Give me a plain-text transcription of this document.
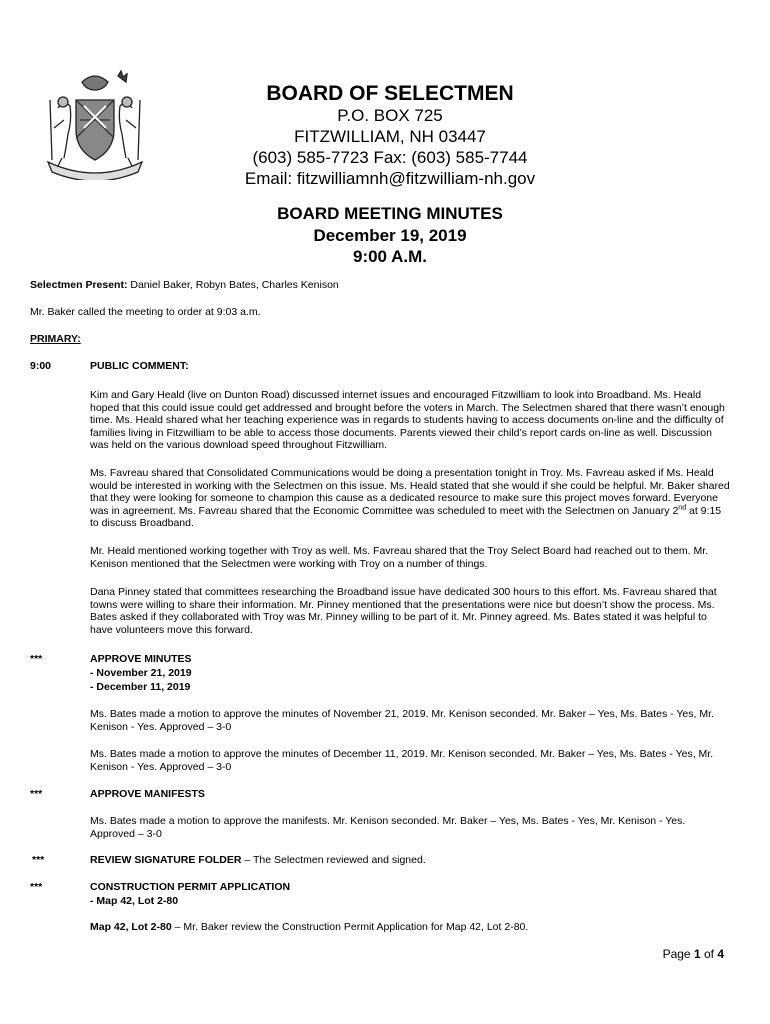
BOARD OF SELECTMEN
P.O. BOX 725
FITZWILLIAM, NH 03447
(603) 585-7723 Fax: (603) 585-7744
Email: fitzwilliamnh@fitzwilliam-nh.gov
BOARD MEETING MINUTES
December 19, 2019
9:00 A.M.
Selectmen Present: Daniel Baker, Robyn Bates, Charles Kenison
Mr. Baker called the meeting to order at 9:03 a.m.
PRIMARY:
9:00	PUBLIC COMMENT:
Kim and Gary Heald (live on Dunton Road) discussed internet issues and encouraged Fitzwilliam to look into Broadband. Ms. Heald hoped that this could issue could get addressed and brought before the voters in March. The Selectmen shared that there wasn’t enough time. Ms. Heald shared what her teaching experience was in regards to students having to access documents on-line and the difficulty of families living in Fitzwilliam to be able to access those documents. Parents viewed their child’s report cards on-line as well. Discussion was held on the various download speed throughout Fitzwilliam.
Ms. Favreau shared that Consolidated Communications would be doing a presentation tonight in Troy. Ms. Favreau asked if Ms. Heald would be interested in working with the Selectmen on this issue. Ms. Heald stated that she would if she could be helpful. Mr. Baker shared that they were looking for someone to champion this cause as a dedicated resource to make sure this project moves forward. Everyone was in agreement. Ms. Favreau shared that the Economic Committee was scheduled to meet with the Selectmen on January 2nd at 9:15 to discuss Broadband.
Mr. Heald mentioned working together with Troy as well. Ms. Favreau shared that the Troy Select Board had reached out to them. Mr. Kenison mentioned that the Selectmen were working with Troy on a number of things.
Dana Pinney stated that committees researching the Broadband issue have dedicated 300 hours to this effort. Ms. Favreau shared that towns were willing to share their information. Mr. Pinney mentioned that the presentations were nice but doesn’t show the process. Ms. Bates asked if they collaborated with Troy was Mr. Pinney willing to be part of it. Mr. Pinney agreed. Ms. Bates stated it was helpful to have volunteers move this forward.
***	APPROVE MINUTES
- November 21, 2019
- December 11, 2019
Ms. Bates made a motion to approve the minutes of November 21, 2019. Mr. Kenison seconded. Mr. Baker – Yes, Ms. Bates - Yes, Mr. Kenison - Yes. Approved – 3-0
Ms. Bates made a motion to approve the minutes of December 11, 2019. Mr. Kenison seconded. Mr. Baker – Yes, Ms. Bates - Yes, Mr. Kenison - Yes. Approved – 3-0
***	APPROVE MANIFESTS
Ms. Bates made a motion to approve the manifests. Mr. Kenison seconded. Mr. Baker – Yes, Ms. Bates - Yes, Mr. Kenison - Yes. Approved – 3-0
***	REVIEW SIGNATURE FOLDER – The Selectmen reviewed and signed.
***	CONSTRUCTION PERMIT APPLICATION
- Map 42, Lot 2-80
Map 42, Lot 2-80 – Mr. Baker review the Construction Permit Application for Map 42, Lot 2-80.
Page 1 of 4
